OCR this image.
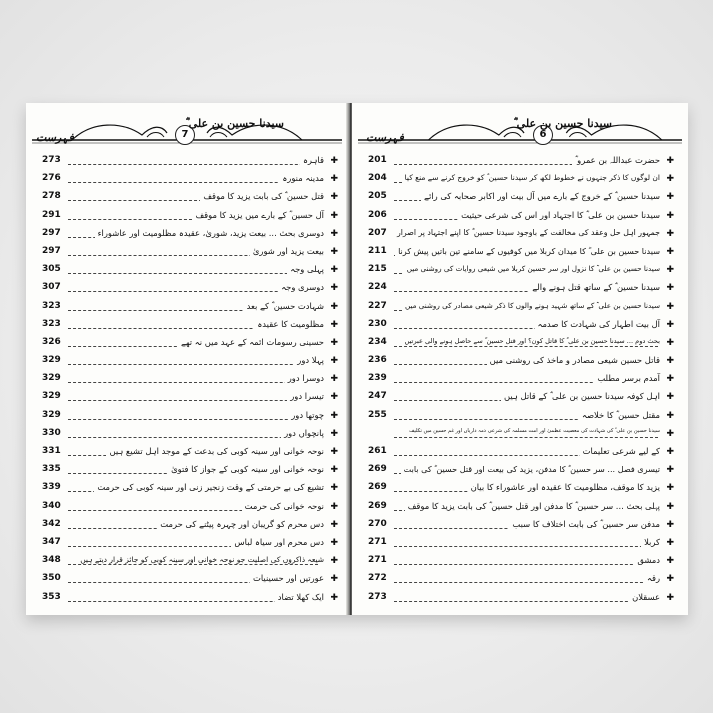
7
سیدنا حسین بن علی ؓ
فہرست
273	قاہرہ ✚
276	مدینہ منورہ ✚
278	قتل حسین ؓ کی بابت یزید کا موقف ✚
291	آل حسین ؓ کے بارے میں یزید کا موقف ✚
297	دوسری بحث ... بیعت یزید، شوریٰ، عقیدہ مظلومیت اور عاشوراء ✚
297	بیعت یزید اور شوریٰ ✚
305	پہلی وجہ ✚
307	دوسری وجہ ✚
323	شہادت حسین ؓ کے بعد ✚
323	مظلومیت کا عقیدہ ✚
326	حسینی رسومات ائمہ کے عہد میں نہ تھے ✚
329	پہلا دور ✚
329	دوسرا دور ✚
329	تیسرا دور ✚
329	چوتھا دور ✚
330	پانچواں دور ✚
331	نوحہ خوانی اور سینہ کوبی کی بدعت کے موجد اہل تشیع ہیں ✚
335	نوحہ خوانی اور سینہ کوبی کے جواز کا فتویٰ ✚
339	تشیع کی بے حرمتی کے وقت زنجیر زنی اور سینہ کوبی کی حرمت ✚
340	نوحہ خوانی کی حرمت ✚
342	دس محرم کو گریبان اور چہرہ پیٹنے کی حرمت ✚
347	دس محرم اور سیاہ لباس ✚
348	شیعہ ذاکروں کی اصلیت جو نوحہ خوانی اور سینہ کوبی کو جائز قرار دیتے ہیں ✚
350	عورتیں اور حسینیات ✚
353	ایک کھلا تضاد ✚
6
سیدنا حسین بن علی ؓ
فہرست
201	حضرت عبداللہ بن عمرو ؓ ✚
204	ان لوگوں کا ذکر جنہوں نے خطوط لکھ کر سیدنا حسین ؓ کو خروج کرنے سے منع کیا ✚
205	سیدنا حسین ؓ کے خروج کے بارے میں آل بیت اور اکابر صحابہ کی رائے ✚
206	سیدنا حسین بن علی ؓ کا اجتہاد اور اس کی شرعی حیثیت ✚
207	جمہور اہل حل وعقد کی مخالفت کے باوجود سیدنا حسین ؓ کا اپنے اجتہاد پر اصرار ✚
211	سیدنا حسین بن علی ؓ کا میدان کربلا میں کوفیوں کے سامنے تین باتیں پیش کرنا ✚
215	سیدنا حسین بن علی ؓ کا نزول اور سر حسین کربلا میں شیعی روایات کی روشنی میں ✚
224	سیدنا حسین ؓ کے ساتھ قتل ہونے والے ✚
227	سیدنا حسین بن علی ؓ کے ساتھ شہید ہونے والوں کا ذکر شیعی مصادر کی روشنی میں ✚
230	آل بیت اطہار کی شہادت کا صدمہ ✚
234	بحث دوم ... سیدنا حسین بن علی ؓ کا قاتل کون؟ اور قتل حسین ؓ سے حاصل ہونے والی عبرتیں ✚
236	قاتل حسین شیعی مصادر و ماخذ کی روشنی میں ✚
239	آمدم برسر مطلب ✚
247	اہل کوفہ سیدنا حسین بن علی ؓ کے قاتل ہیں ✚
255	مقتل حسین ؓ کا خلاصہ ✚
سیدنا حسین بن علی ؓ کی شہادت کی معصیت عظمیٰ اور امت مسلمہ کی شرعی ذمہ داریاں اور غم حسین میں تکلیف ✚
261	کے لیے شرعی تعلیمات ✚
269	تیسری فصل ... سر حسین ؓ کا مدفن، یزید کی بیعت اور قتل حسین ؓ کی بابت ✚
269	یزید کا موقف، مظلومیت کا عقیدہ اور عاشوراء کا بیان ✚
269	پہلی بحث ... سر حسین ؓ کا مدفن اور قتل حسین ؓ کی بابت یزید کا موقف ✚
270	مدفن سر حسین ؓ کی بابت اختلاف کا سبب ✚
271	کربلا ✚
271	دمشق ✚
272	رقہ ✚
273	عسقلان ✚
